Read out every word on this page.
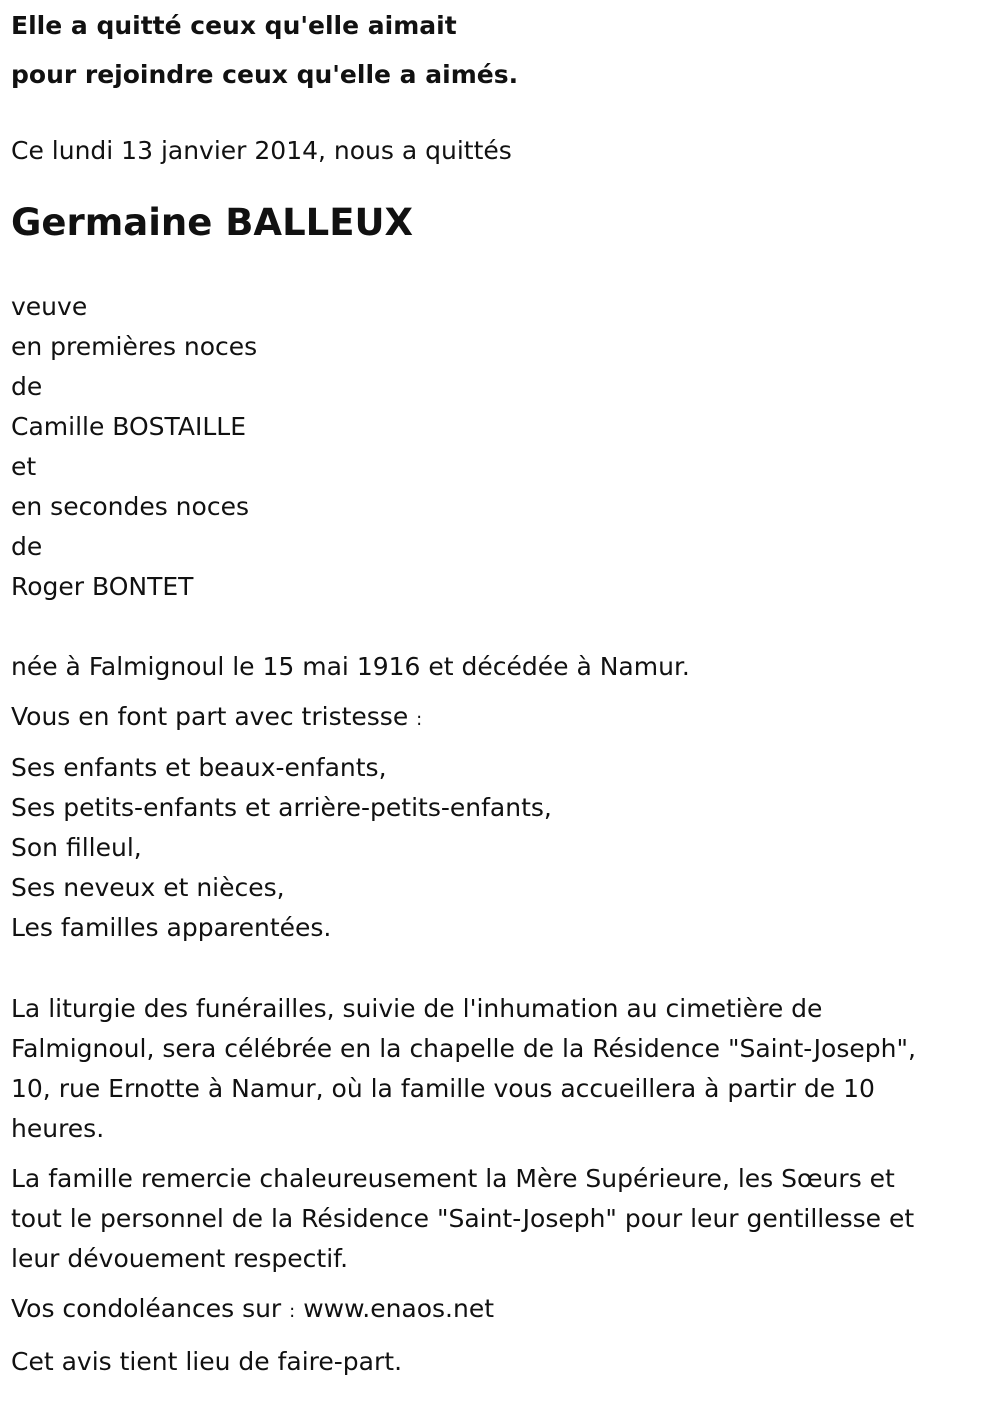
Elle a quitté ceux qu'elle aimait
pour rejoindre ceux qu'elle a aimés.
Ce lundi 13 janvier 2014, nous a quittés
Germaine BALLEUX
veuve
en premières noces
de
Camille BOSTAILLE
et
en secondes noces
de
Roger BONTET
née à Falmignoul le 15 mai 1916 et décédée à Namur.
Vous en font part avec tristesse :
Ses enfants et beaux-enfants,
Ses petits-enfants et arrière-petits-enfants,
Son filleul,
Ses neveux et nièces,
Les familles apparentées.
La liturgie des funérailles, suivie de l'inhumation au cimetière de
Falmignoul, sera célébrée en la chapelle de la Résidence "Saint-Joseph",
10, rue Ernotte à Namur, où la famille vous accueillera à partir de 10
heures.
La famille remercie chaleureusement la Mère Supérieure, les Sœurs et
tout le personnel de la Résidence "Saint-Joseph" pour leur gentillesse et
leur dévouement respectif.
Vos condoléances sur : www.enaos.net
Cet avis tient lieu de faire-part.
